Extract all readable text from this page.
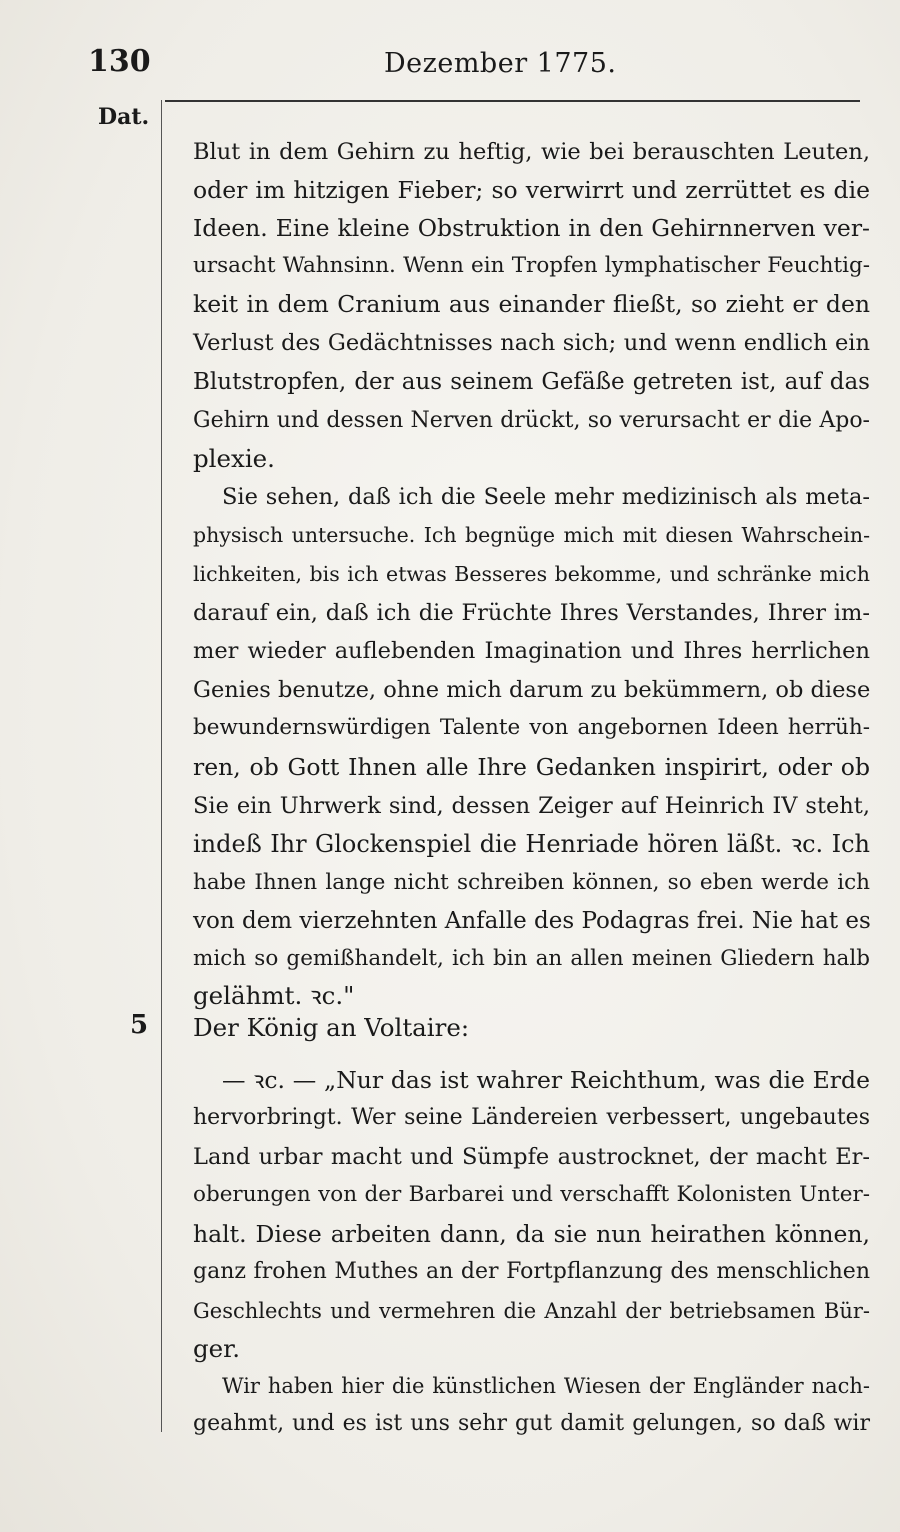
130	Dezember 1775.
Dat.
5
Blut in dem Gehirn zu heftig, wie bei berauschten Leuten,
oder im hitzigen Fieber; so verwirrt und zerrüttet es die
Ideen. Eine kleine Obstruktion in den Gehirnnerven ver-
ursacht Wahnsinn. Wenn ein Tropfen lymphatischer Feuchtig-
keit in dem Cranium aus einander fließt, so zieht er den
Verlust des Gedächtnisses nach sich; und wenn endlich ein
Blutstropfen, der aus seinem Gefäße getreten ist, auf das
Gehirn und dessen Nerven drückt, so verursacht er die Apo-
plexie.
Sie sehen, daß ich die Seele mehr medizinisch als meta-
physisch untersuche. Ich begnüge mich mit diesen Wahrschein-
lichkeiten, bis ich etwas Besseres bekomme, und schränke mich
darauf ein, daß ich die Früchte Ihres Verstandes, Ihrer im-
mer wieder auflebenden Imagination und Ihres herrlichen
Genies benutze, ohne mich darum zu bekümmern, ob diese
bewundernswürdigen Talente von angebornen Ideen herrüh-
ren, ob Gott Ihnen alle Ihre Gedanken inspirirt, oder ob
Sie ein Uhrwerk sind, dessen Zeiger auf Heinrich IV steht,
indeß Ihr Glockenspiel die Henriade hören läßt. ꝛc. Ich
habe Ihnen lange nicht schreiben können, so eben werde ich
von dem vierzehnten Anfalle des Podagras frei. Nie hat es
mich so gemißhandelt, ich bin an allen meinen Gliedern halb
gelähmt. ꝛc."
Der König an Voltaire:
— ꝛc. — „Nur das ist wahrer Reichthum, was die Erde
hervorbringt. Wer seine Ländereien verbessert, ungebautes
Land urbar macht und Sümpfe austrocknet, der macht Er-
oberungen von der Barbarei und verschafft Kolonisten Unter-
halt. Diese arbeiten dann, da sie nun heirathen können,
ganz frohen Muthes an der Fortpflanzung des menschlichen
Geschlechts und vermehren die Anzahl der betriebsamen Bür-
ger.
Wir haben hier die künstlichen Wiesen der Engländer nach-
geahmt, und es ist uns sehr gut damit gelungen, so daß wir
